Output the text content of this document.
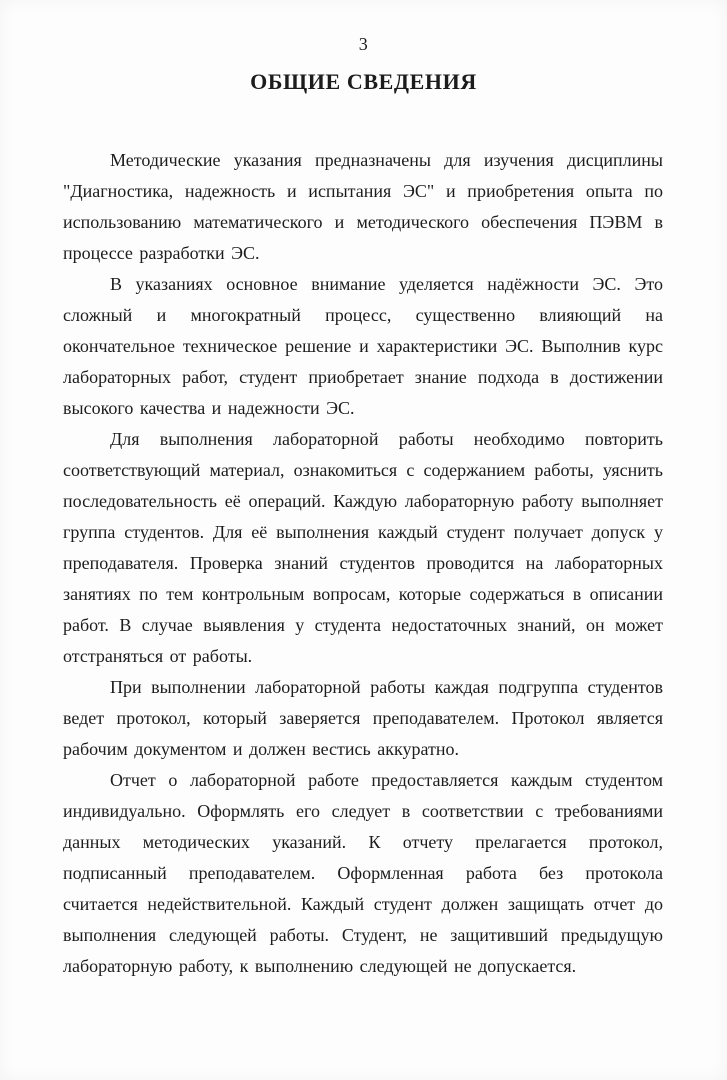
3
ОБЩИЕ СВЕДЕНИЯ

Методические указания предназначены для изучения дисциплины "Диагностика, надежность и испытания ЭС" и приобретения опыта по использованию математического и методического обеспечения ПЭВМ в процессе разработки ЭС.

В указаниях основное внимание уделяется надёжности ЭС. Это сложный и многократный процесс, существенно влияющий на окончательное техническое решение и характеристики ЭС. Выполнив курс лабораторных работ, студент приобретает знание подхода в достижении высокого качества и надежности ЭС.

Для выполнения лабораторной работы необходимо повторить соответствующий материал, ознакомиться с содержанием работы, уяснить последовательность её операций. Каждую лабораторную работу выполняет группа студентов. Для её выполнения каждый студент получает допуск у преподавателя. Проверка знаний студентов проводится на лабораторных занятиях по тем контрольным вопросам, которые содержаться в описании работ. В случае выявления у студента недостаточных знаний, он может отстраняться от работы.

При выполнении лабораторной работы каждая подгруппа студентов ведет протокол, который заверяется преподавателем. Протокол является рабочим документом и должен вестись аккуратно.

Отчет о лабораторной работе предоставляется каждым студентом индивидуально. Оформлять его следует в соответствии с требованиями данных методических указаний. К отчету прелагается протокол, подписанный преподавателем. Оформленная работа без протокола считается недействительной. Каждый студент должен защищать отчет до выполнения следующей работы. Студент, не защитивший предыдущую лабораторную работу, к выполнению следующей не допускается.
